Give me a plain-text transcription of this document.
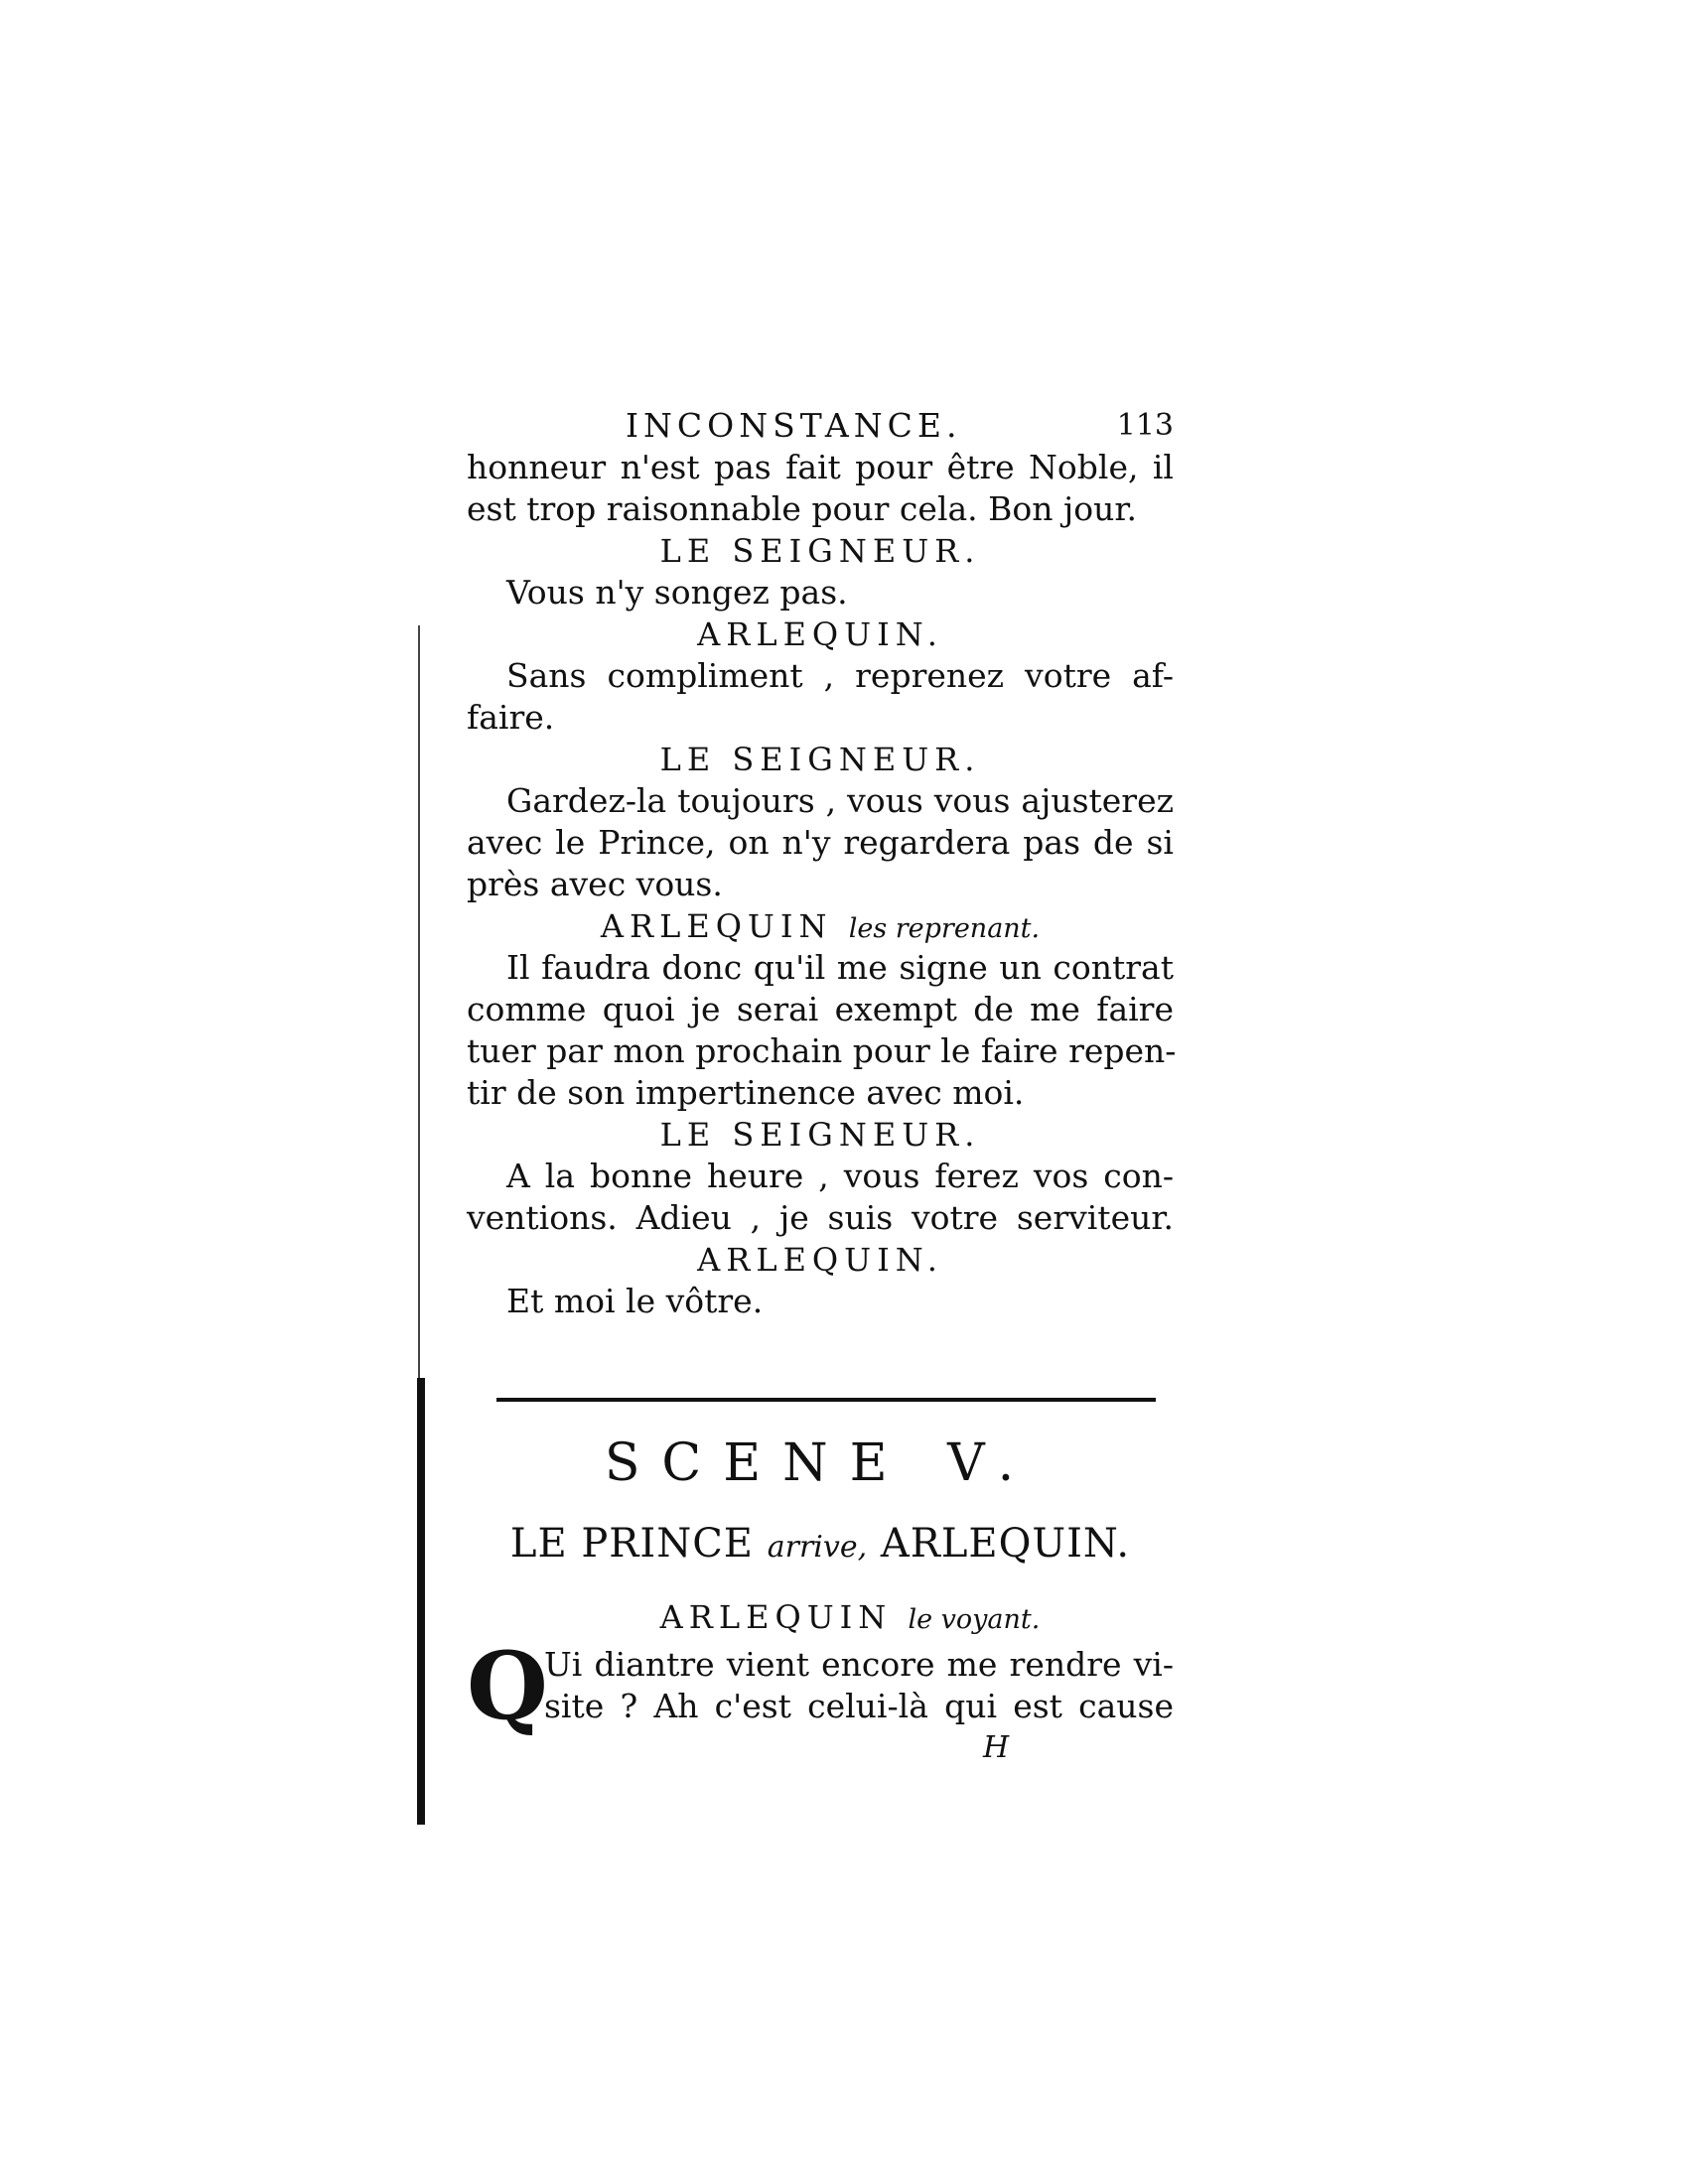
INCONSTANCE.	113
honneur n'est pas fait pour être Noble, il
est trop raisonnable pour cela. Bon jour.
LE SEIGNEUR.
Vous n'y songez pas.
ARLEQUIN.
Sans compliment , reprenez votre af-
faire.
LE SEIGNEUR.
Gardez-la toujours , vous vous ajusterez
avec le Prince, on n'y regardera pas de si
près avec vous.
ARLEQUIN les reprenant.
Il faudra donc qu'il me signe un contrat
comme quoi je serai exempt de me faire
tuer par mon prochain pour le faire repen-
tir de son impertinence avec moi.
LE SEIGNEUR.
A la bonne heure , vous ferez vos con-
ventions. Adieu , je suis votre serviteur.
ARLEQUIN.
Et moi le vôtre.
SCENE V.
LE PRINCE arrive, ARLEQUIN.
ARLEQUIN le voyant.
Q
Ui diantre vient encore me rendre vi-
site ? Ah c'est celui-là qui est cause
H
